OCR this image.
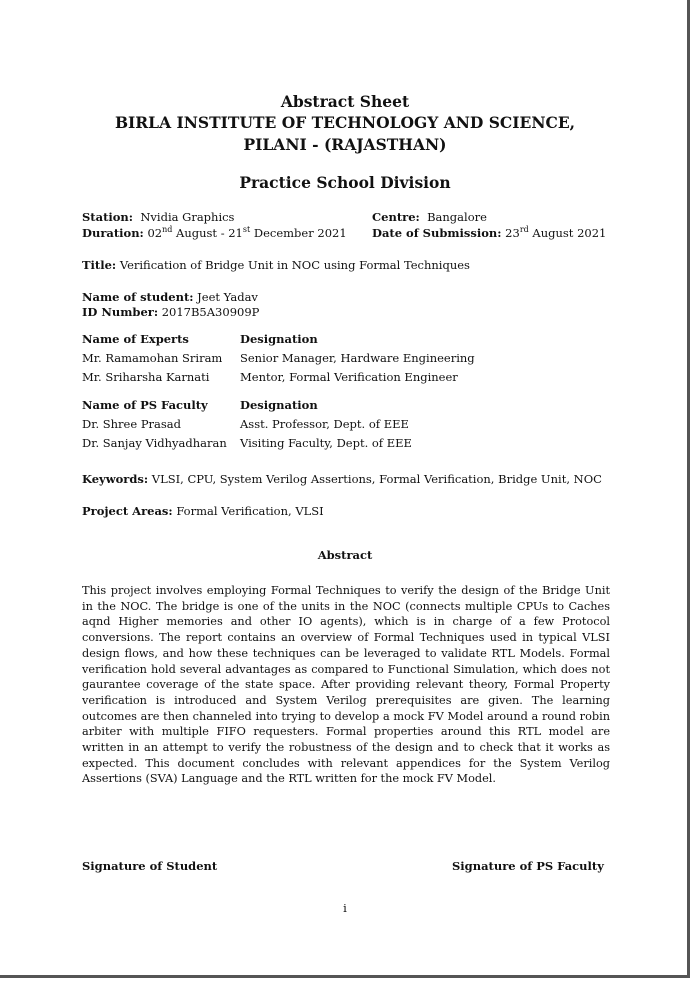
Abstract Sheet
BIRLA INSTITUTE OF TECHNOLOGY AND SCIENCE,
PILANI - (RAJASTHAN)
Practice School Division
Station: Nvidia Graphics	Centre: Bangalore
Duration: 02nd August - 21st December 2021 Date of Submission: 23rd August 2021
Title: Verification of Bridge Unit in NOC using Formal Techniques
Name of student: Jeet Yadav
ID Number: 2017B5A30909P
Name of Experts	Designation
Mr. Ramamohan Sriram	Senior Manager, Hardware Engineering
Mr. Sriharsha Karnati	Mentor, Formal Verification Engineer
Name of PS Faculty	Designation
Dr. Shree Prasad	Asst. Professor, Dept. of EEE
Dr. Sanjay Vidhyadharan	Visiting Faculty, Dept. of EEE
Keywords: VLSI, CPU, System Verilog Assertions, Formal Verification, Bridge Unit, NOC
Project Areas: Formal Verification, VLSI
Abstract
This project involves employing Formal Techniques to verify the design of the Bridge Unit in the NOC. The bridge is one of the units in the NOC (connects multiple CPUs to Caches aqnd Higher memories and other IO agents), which is in charge of a few Protocol conversions. The report contains an overview of Formal Techniques used in typical VLSI design flows, and how these techniques can be leveraged to validate RTL Models. Formal verification hold several advantages as compared to Functional Simulation, which does not gaurantee coverage of the state space. After providing relevant theory, Formal Property verification is introduced and System Verilog prerequisites are given. The learning outcomes are then channeled into trying to develop a mock FV Model around a round robin arbiter with multiple FIFO requesters. Formal properties around this RTL model are written in an attempt to verify the robustness of the design and to check that it works as expected. This document concludes with relevant appendices for the System Verilog Assertions (SVA) Language and the RTL written for the mock FV Model.
Signature of Student	Signature of PS Faculty
i
